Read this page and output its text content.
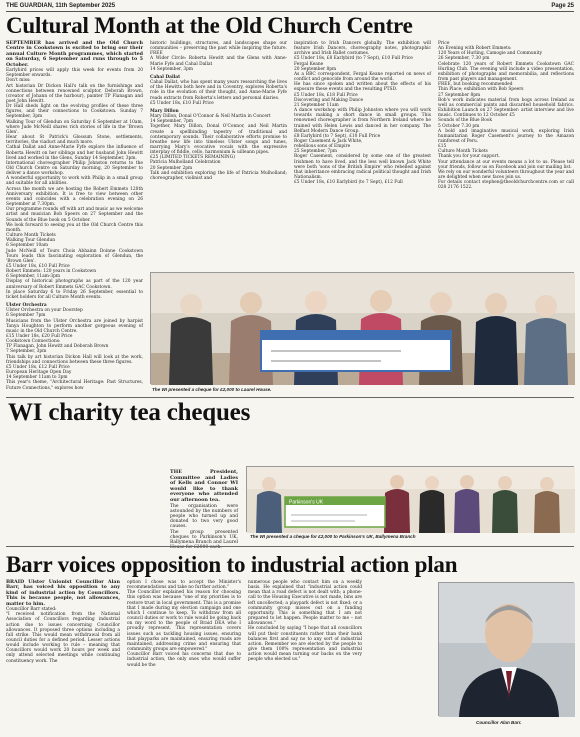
THE GUARDIAN, 11th September 2025	Page 25
Cultural Month at the Old Church Centre

SEPTEMBER has arrived and the Old Church Centre in Cookstown is excited to bring our their annual Culture Month programmes, which started on Saturday, 6 September and runs through to 5 October.

Earlybird prices will apply this week for events from 20 September onwards.

Don't miss:

Art historian Dr Dickon Hall's talk on the furnishings and connections between renowned sculptor, Deborah Brown, (creator of Johann of the harbour), painter TP Flanagan and poet John Hewitt.

Dr Hall sheds light on the evolving profiles of these three figures, and their connections to Cookstown. Sunday 7 September, 3pm

Walking Tour of Glendun on Saturday 6 September at 10am, where Jude McNeill shares rich stories of life in the 'Brown Glen'.

Hear about St Patrick's Glossum Stone, settlements, territories, the viaduct and much more.

Cathal Dallat and Anne-Marie Fyfe explore the influence of Roberta Hewitt on her siblings and her husband John Hewitt lived and worked in the Glens, Sunday 14 September, 3pm.

International choreographer Philip Johnston returns to the Old Church Centre on Saturday morning, 20 September to deliver a dance workshop.

A wonderful opportunity to work with Philip in a small group and suitable for all abilities.

Across the month we are hosting the Robert Emmets 120th Anniversary exhibition. It is free to view between other events and coincides with a celebration evening on 26 September at 7.30pm.

Our programme rounds off with art and music as we welcome artist and musician Bob Speers on 27 September and the Sounds of the Blue book on 5 October.

We look forward to seeing you at the Old Church Centre this month.

Culture Month Tickets

Walking Tour Glendun

6 September 10am

Jude McNeill of Tours Chois Abhainn Doinne Cookstown Tours leads this fascinating exploration of Glendun, the 'Brown Glen'.

£5 Under 18s, £10 Full Price

Robert Emmets: 120 years in Cookstown

6 September, 11am-3pm

Display of historical photographs as part of the 120 year anniversary of Robert Emmets GAC Cookstown.

In place Saturday 6 to Friday 26 September, essential to ticket holders for all Culture Month events.

Ulster Orchestra

Ulster Orchestra on your Doorstep

6 September 7pm

Musicians from the Ulster Orchestra are joined by harpist Tanya Houghton to perform another gorgeous evening of music in the Old Church Centre.

£15 Under 18s, £20 Full Price

Cookstown Connections:

TP Flanagan, John Hewitt and Deborah Brown

7 September, 3pm

This talk by art historian Dickon Hall will look at the work, friendships and connections between these three figures.

£5 Under 18s, £12 Full Price

European Heritage Open Day

14 September 11am to 3pm

This year's theme, "Architectural Heritage: Past Structures, Future Connections," explores how

historic buildings, structures, and landscapes shape our communities – preserving the past while inspiring the future. FREE

A Wider Circle: Roberta Hewitt and the Glens with Anne-Marie Fyfe and Cahal Dallat

14 September, 3pm

Cahal Dallat

Cahal Dallat, who has spent many years researching the lives of the Hewitts both here and in Coventry, explores Roberta's role in the evolution of their thought, and Anne-Marie Fyfe reads extracts from Roberta's letters and personal diaries.

£5 Under 18s, £10 Full Price

Mary Dillon

Mary Dillon, Donal O'Connor & Neil Martin in Concert

14 September, 7pm

Together, Mary Dillon, Donal O'Connor, and Neil Martin create a spellbinding tapestry of traditional and contemporary sounds. Their collaborative efforts promise to breathe new life into timeless Ulster songs and tunes, marrying Mary's evocative vocals with the expressive interplay of fiddle, cello, harmonium & uilleann pipes.

£25 (LIMITED TICKETS REMAINING)

Patricia Mulholland Celebration

20 September 2pm

Talk and exhibition exploring the life of Patricia Mulholland; choreographer, violinist and

inspiration to Irish Dancers globally. The exhibition will feature Irish Dancers, choreography notes, photographic archive and Irish Ballet costumes.

£5 Under 18s, £8 Earlybird (to 7 Sept), £10 Full Price

Fergal Keane

20 September 8pm

As a BBC correspondent, Fergal Keane reported on news of conflict and genocide from around the world.

He has since spoken and written about the effects of his exposure these events and the resulting PTSD.

£5 Under 18s, £18 Full Price

Discovering and Making Dance

21 September 11am

A dance workshop with Philip Johnston where you will work towards making a short dance in small groups. This renowned choreographer is from Northern Ireland where he trained with Helen Lewis and danced in her company. The Belfast Modern Dance Group.

£8 Earlybird (to 7 Sept), £10 Full Price

Roger Casement & Jack White,

rebellious sons of Empire

25 September, 7pm

Roger Casement, considered by some one of the greatest Irishmen to have lived, and the less well known Jack White were both 'sons of the British Empire' who rebelled against that inheritance embracing radical political thought and Irish Nationalism.

£5 Under 18s, £10 Earlybird (to 7 Sept), £12 Full

Price

An Evening with Robert Emmets:

120 Years of Hurling, Camogie and Community

26 September, 7.30 pm

Celebrate 120 years of Robert Emmets Cookstown GAC Hurling Club. The evening will include a video presentation, exhibition of photographs and memorabilia, and reflections from past players and management.

FREE, but booking recommended

Thin Place; exhibition with Bob Speers

27 September 8pm

Bob's work indicates material from bogs across Ireland as well as commercial paints and discarded household fabrics. Exhibition Launch on 27 September: artist interview and live music. Continues to 12 October £5

Sounds of the Blue Book

5 October 7.30 pm

A bold and imaginative musical work, exploring Irish humanitarian Roger Casement's journey to the Amazon rainforest of Peru.

£15

Culture Month Tickets

Thank you for your support.

Your attendance at our events means a lot to us. Please tell your friends, follow us on Facebook and join our mailing list.

We rely on our wonderful volunteers throughout the year and are delighted when new faces join us.

For details contact stephen@theoldchurchcentre.com or call 028 2176 1522.

The WI presented a cheque for £2,000 to Laurel House.
WI charity tea cheques

THE President, Committee and Ladies of Kells and Connor WI would like to thank everyone who attended our afternoon tea.

The organisation were astounded by the numbers of people who turned up and donated to two very good causes.

The group presented cheques to Parkinson's UK, Ballymena Branch and Laurel House for £2000 each.

Parkinson's UK
The WI presented a cheque for £2,000 to Parkinson's UK, Ballymena Branch
Barr voices opposition to industrial action plan

BRAID Ulster Unionist Councillor Alan Barr, has voiced his opposition to any kind of industrial action by Councillors. This is because people, not allowances, matter to him.

Councillor Barr stated:

"I received notification from the National Association of Councillors regarding industrial action due to issues concerning Councillor allowances. It proposed three options including a full strike. This would mean withdrawal from all council duties for a defined period. Lesser actions would include working to rule – meaning that Councillors would work 20 hours per week and only attend selected meetings while continuing constituency work. The

option I chose was to accept the Minister's recommendations and take no further action."

The Councillor explained his reason for choosing this option was because "one of my priorities is to restore trust in local government. This is a promise that I made during my election campaign and one which I continue to keep. To withdraw from all council duties or work to rule would be going back on my word to the people of Braid DEA who I proudly represent. This representation covers issues such as tackling housing issues, ensuring that playparks are maintained, ensuring roads are maintained, addressing crime and ensuring that community groups are empowered."

Councillor Barr voiced his concerns that due to industrial action, the only ones who would suffer would be the

numerous people who contact him on a weekly basis. He explained that "industrial action could mean that a road defect is not dealt with; a phone-call to the Housing Executive is not made, bins are left uncollected; a playpark defect is not fixed; or a community group misses out on a funding opportunity. This is something that I am not prepared to let happen. People matter to me – not allowances."

He concluded by saying "I hope that all councillors will put their constituents rather than their bank balances first and say no to any sort of industrial action. Remember we are elected by the people to give them 100% representation and industrial action would mean turning our backs on the very people who elected us."

Councillor Alan Barr.
